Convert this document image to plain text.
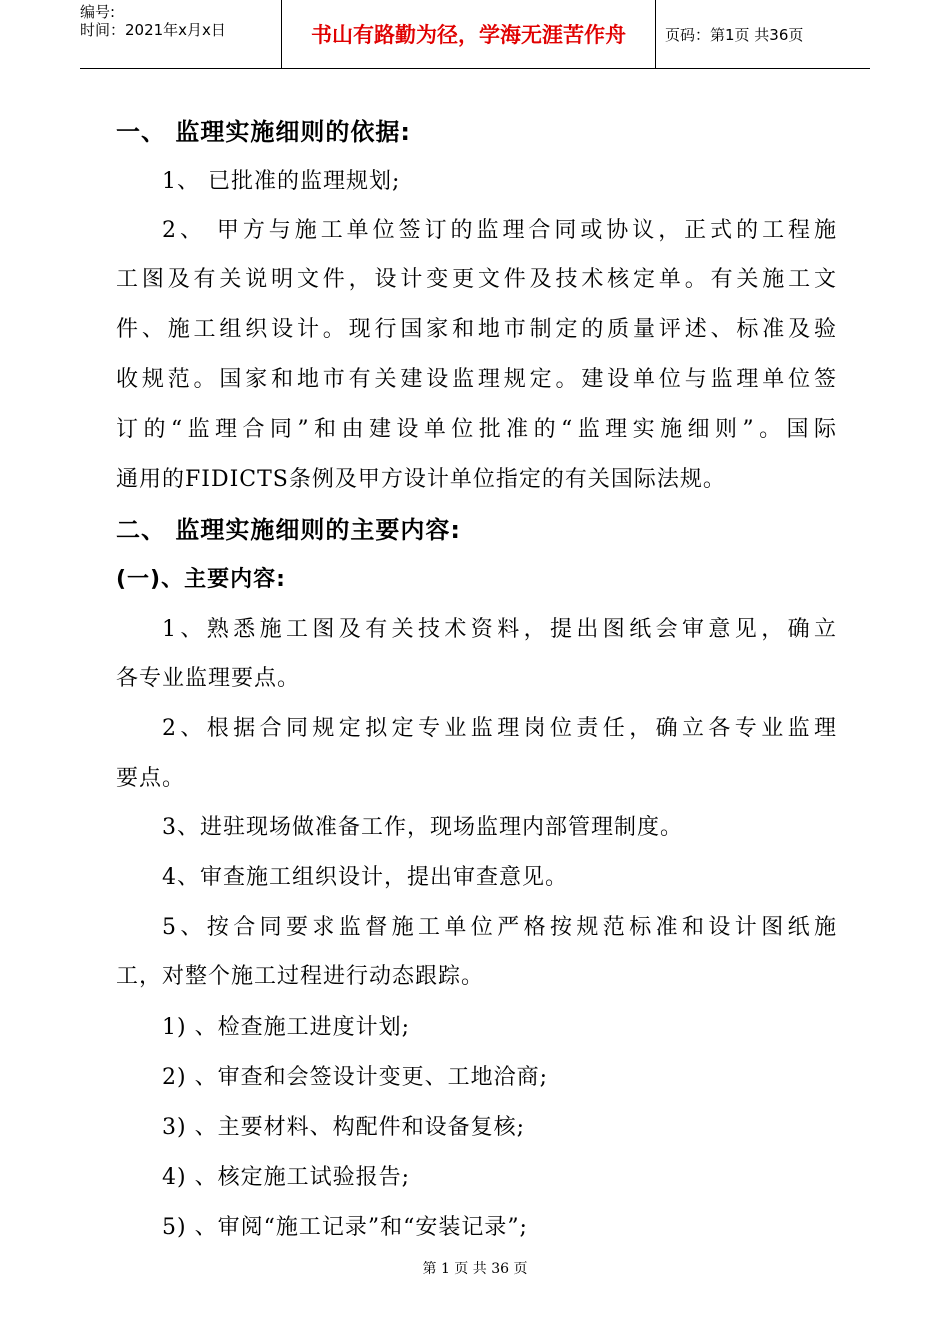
编号:
时间：2021年x月x日	书山有路勤为径，学海无涯苦作舟	页码：第1页 共36页
一、 监理实施细则的依据:
1、 已批准的监理规划;
2、 甲方与施工单位签订的监理合同或协议，正式的工程施
工图及有关说明文件，设计变更文件及技术核定单。有关施工文
件、施工组织设计。现行国家和地市制定的质量评述、标准及验
收规范。国家和地市有关建设监理规定。建设单位与监理单位签
订的“监理合同”和由建设单位批准的“监理实施细则”。国际
通用的FIDICTS条例及甲方设计单位指定的有关国际法规。
二、 监理实施细则的主要内容:
(一)、主要内容:
1、熟悉施工图及有关技术资料，提出图纸会审意见，确立
各专业监理要点。
2、根据合同规定拟定专业监理岗位责任，确立各专业监理
要点。
3、进驻现场做准备工作，现场监理内部管理制度。
4、审查施工组织设计，提出审查意见。
5、按合同要求监督施工单位严格按规范标准和设计图纸施
工，对整个施工过程进行动态跟踪。
1) 、检查施工进度计划;
2) 、审查和会签设计变更、工地洽商;
3) 、主要材料、构配件和设备复核;
4) 、核定施工试验报告;
5) 、审阅“施工记录”和“安装记录”;
第 1 页 共 36 页
